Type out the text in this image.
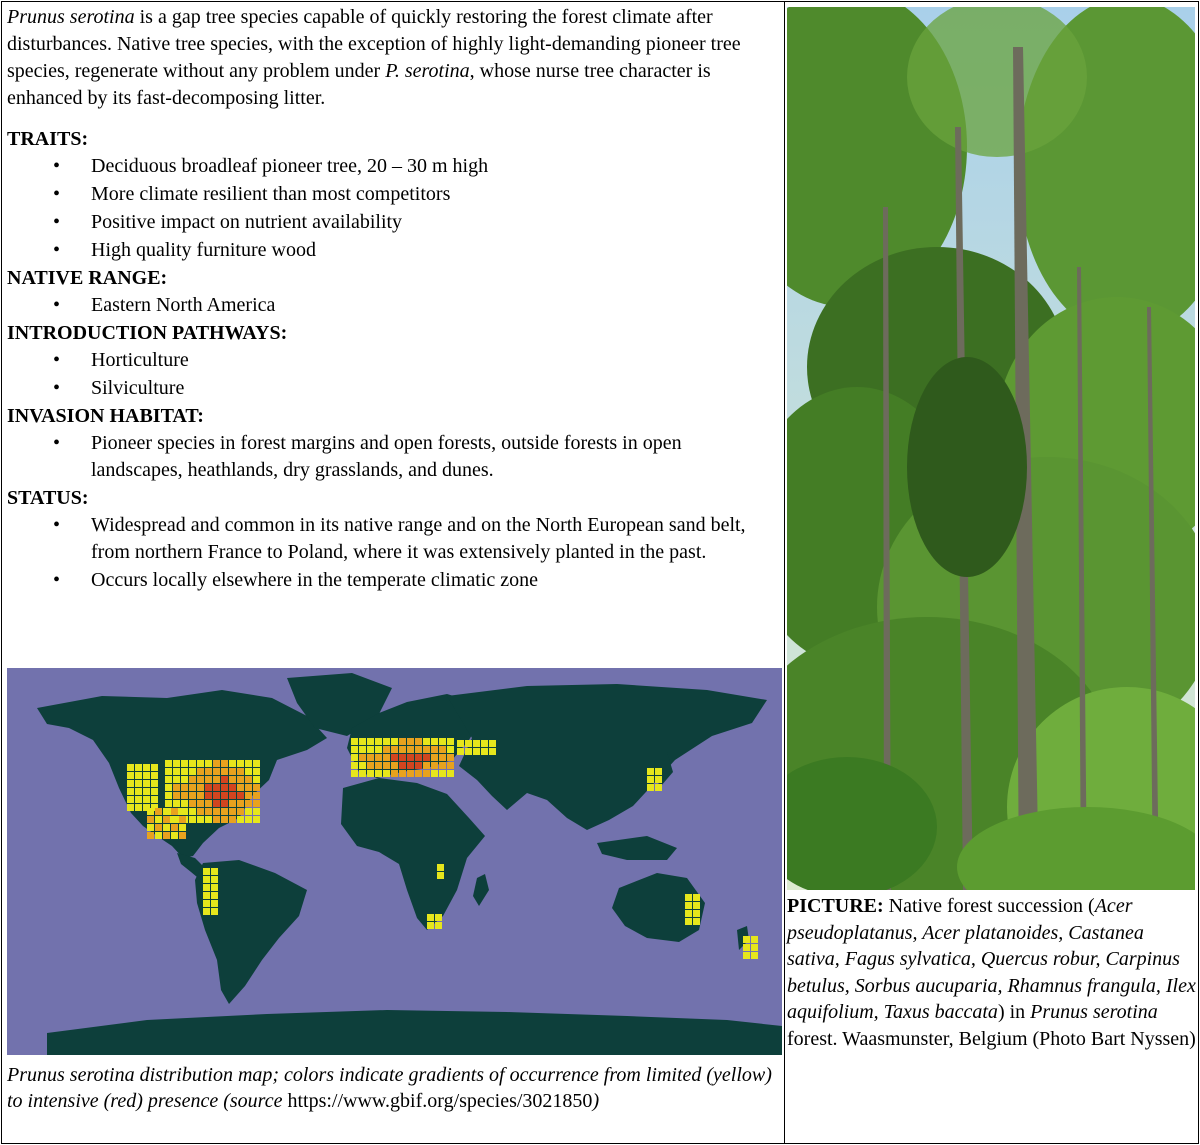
Prunus serotina is a gap tree species capable of quickly restoring the forest climate after disturbances. Native tree species, with the exception of highly light-demanding pioneer tree species, regenerate without any problem under P. serotina, whose nurse tree character is enhanced by its fast-decomposing litter.

TRAITS:
• Deciduous broadleaf pioneer tree, 20 – 30 m high
• More climate resilient than most competitors
• Positive impact on nutrient availability
• High quality furniture wood
NATIVE RANGE:
• Eastern North America
INTRODUCTION PATHWAYS:
• Horticulture
• Silviculture
INVASION HABITAT:
• Pioneer species in forest margins and open forests, outside forests in open landscapes, heathlands, dry grasslands, and dunes.
STATUS:
• Widespread and common in its native range and on the North European sand belt, from northern France to Poland, where it was extensively planted in the past.
• Occurs locally elsewhere in the temperate climatic zone
Prunus serotina distribution map; colors indicate gradients of occurrence from limited (yellow) to intensive (red) presence (source https://www.gbif.org/species/3021850)
PICTURE: Native forest succession (Acer pseudoplatanus, Acer platanoides, Castanea sativa, Fagus sylvatica, Quercus robur, Carpinus betulus, Sorbus aucuparia, Rhamnus frangula, Ilex aquifolium, Taxus baccata) in Prunus serotina forest. Waasmunster, Belgium (Photo Bart Nyssen)
